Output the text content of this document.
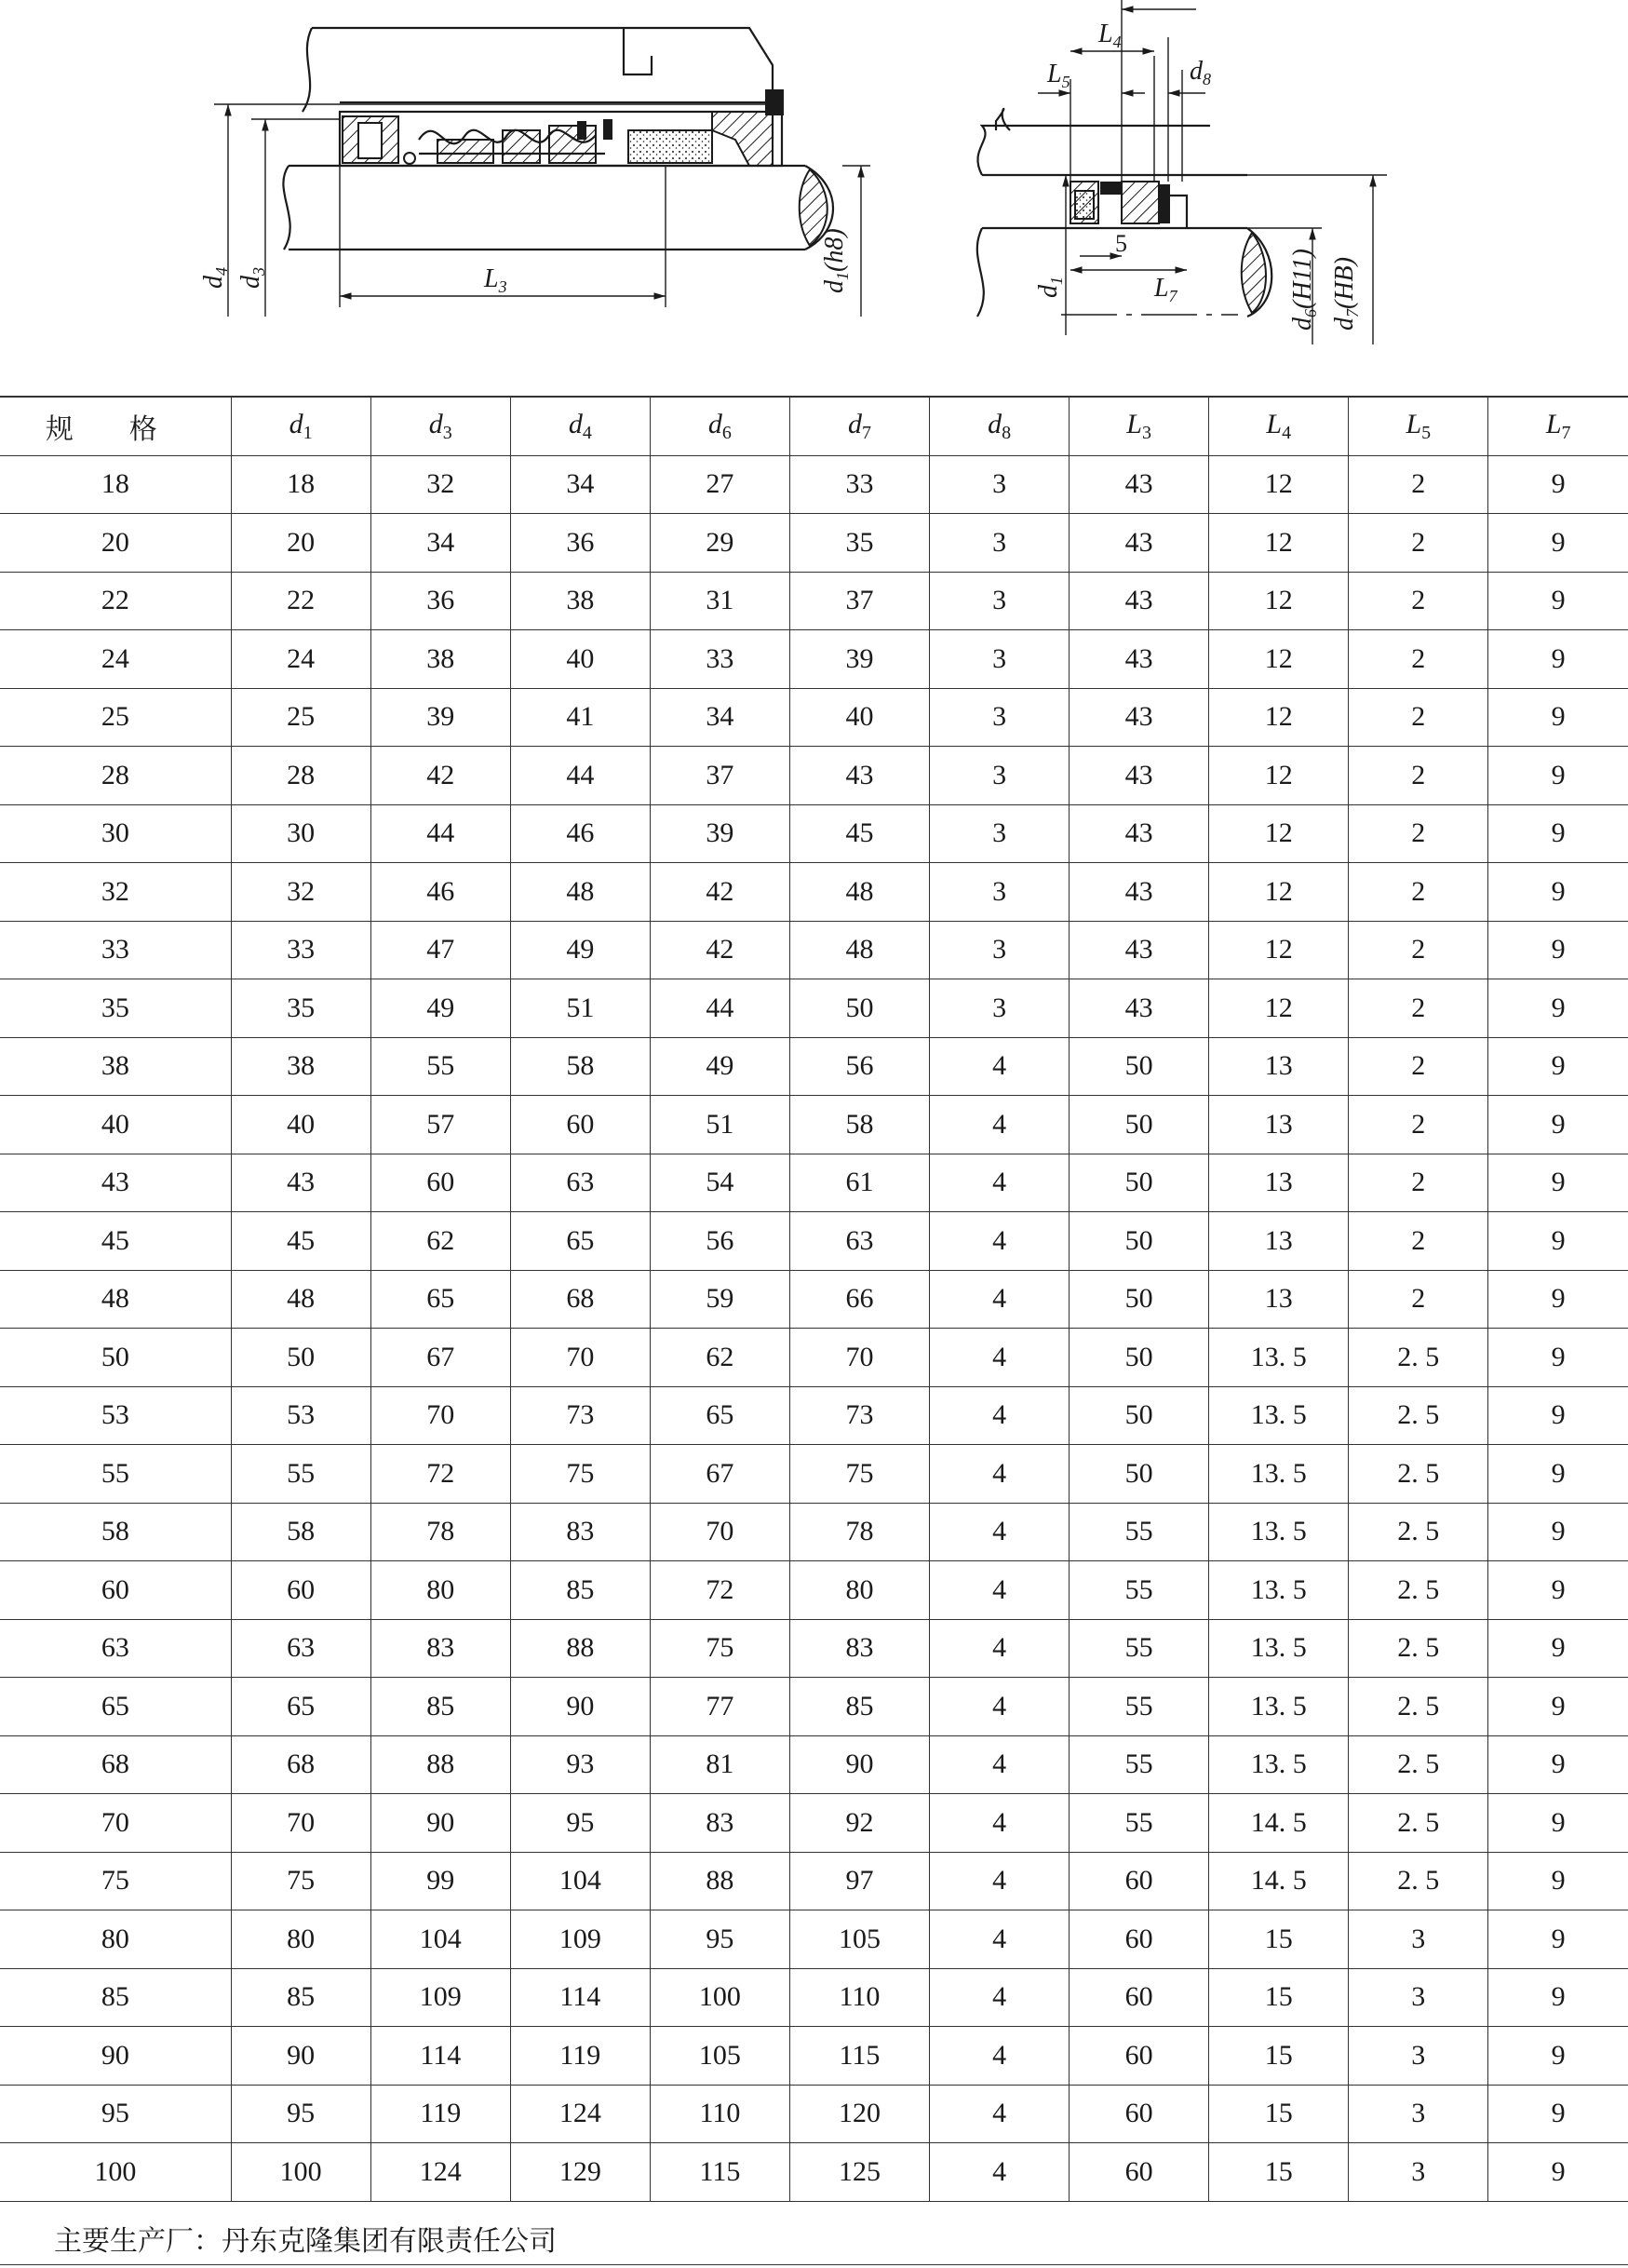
$d_4$
$d_3$	$L_3$	$d_1(h8)$
$L_4$
$L_5$	$d_8$
5
$L_7$
$d_1$
$d_6(H11)$
$d_7(HB)$
规格	$d_1$	$d_3$	$d_4$	$d_6$	$d_7$	$d_8$	$L_3$	$L_4$	$L_5$	$L_7$
18	18	32	34	27	33	3	43	12	2	9
20	20	34	36	29	35	3	43	12	2	9
22	22	36	38	31	37	3	43	12	2	9
24	24	38	40	33	39	3	43	12	2	9
25	25	39	41	34	40	3	43	12	2	9
28	28	42	44	37	43	3	43	12	2	9
30	30	44	46	39	45	3	43	12	2	9
32	32	46	48	42	48	3	43	12	2	9
33	33	47	49	42	48	3	43	12	2	9
35	35	49	51	44	50	3	43	12	2	9
38	38	55	58	49	56	4	50	13	2	9
40	40	57	60	51	58	4	50	13	2	9
43	43	60	63	54	61	4	50	13	2	9
45	45	62	65	56	63	4	50	13	2	9
48	48	65	68	59	66	4	50	13	2	9
50	50	67	70	62	70	4	50	13. 5	2. 5	9
53	53	70	73	65	73	4	50	13. 5	2. 5	9
55	55	72	75	67	75	4	50	13. 5	2. 5	9
58	58	78	83	70	78	4	55	13. 5	2. 5	9
60	60	80	85	72	80	4	55	13. 5	2. 5	9
63	63	83	88	75	83	4	55	13. 5	2. 5	9
65	65	85	90	77	85	4	55	13. 5	2. 5	9
68	68	88	93	81	90	4	55	13. 5	2. 5	9
70	70	90	95	83	92	4	55	14. 5	2. 5	9
75	75	99	104	88	97	4	60	14. 5	2. 5	9
80	80	104	109	95	105	4	60	15	3	9
85	85	109	114	100	110	4	60	15	3	9
90	90	114	119	105	115	4	60	15	3	9
95	95	119	124	110	120	4	60	15	3	9
100	100	124	129	115	125	4	60	15	3	9
主要生产厂：丹东克隆集团有限责任公司
